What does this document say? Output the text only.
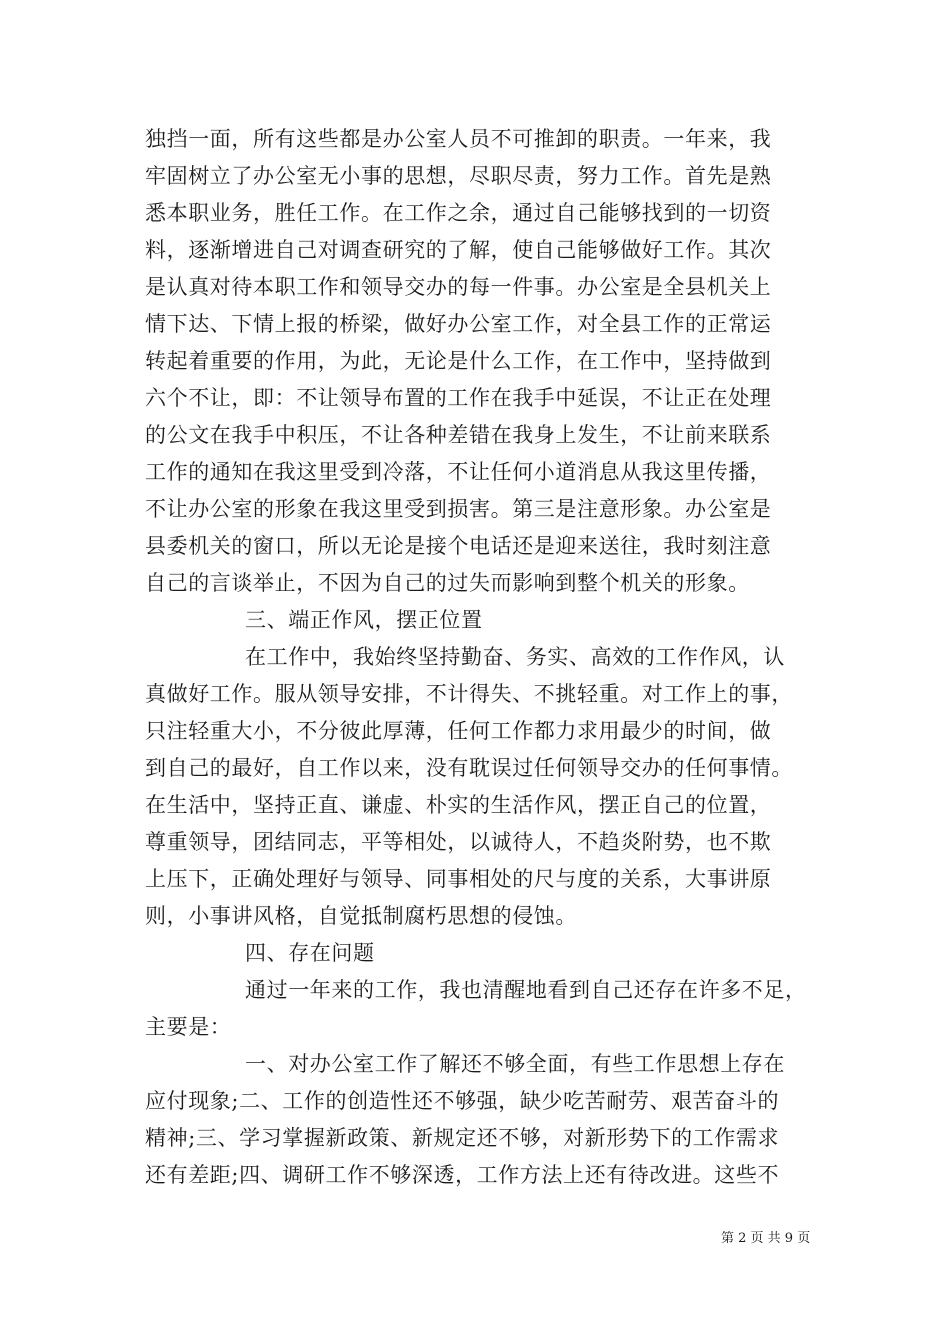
独挡一面，所有这些都是办公室人员不可推卸的职责。一年来，我
牢固树立了办公室无小事的思想，尽职尽责，努力工作。首先是熟
悉本职业务，胜任工作。在工作之余，通过自己能够找到的一切资
料，逐渐增进自己对调查研究的了解，使自己能够做好工作。其次
是认真对待本职工作和领导交办的每一件事。办公室是全县机关上
情下达、下情上报的桥梁，做好办公室工作，对全县工作的正常运
转起着重要的作用，为此，无论是什么工作，在工作中，坚持做到
六个不让，即：不让领导布置的工作在我手中延误，不让正在处理
的公文在我手中积压，不让各种差错在我身上发生，不让前来联系
工作的通知在我这里受到冷落，不让任何小道消息从我这里传播，
不让办公室的形象在我这里受到损害。第三是注意形象。办公室是
县委机关的窗口，所以无论是接个电话还是迎来送往，我时刻注意
自己的言谈举止，不因为自己的过失而影响到整个机关的形象。
三、端正作风，摆正位置
在工作中，我始终坚持勤奋、务实、高效的工作作风，认
真做好工作。服从领导安排，不计得失、不挑轻重。对工作上的事，
只注轻重大小，不分彼此厚薄，任何工作都力求用最少的时间，做
到自己的最好，自工作以来，没有耽误过任何领导交办的任何事情。
在生活中，坚持正直、谦虚、朴实的生活作风，摆正自己的位置，
尊重领导，团结同志，平等相处，以诚待人，不趋炎附势，也不欺
上压下，正确处理好与领导、同事相处的尺与度的关系，大事讲原
则，小事讲风格，自觉抵制腐朽思想的侵蚀。
四、存在问题
通过一年来的工作，我也清醒地看到自己还存在许多不足，
主要是：
一、对办公室工作了解还不够全面，有些工作思想上存在
应付现象;二、工作的创造性还不够强，缺少吃苦耐劳、艰苦奋斗的
精神;三、学习掌握新政策、新规定还不够，对新形势下的工作需求
还有差距;四、调研工作不够深透，工作方法上还有待改进。这些不
第 2 页 共 9 页
